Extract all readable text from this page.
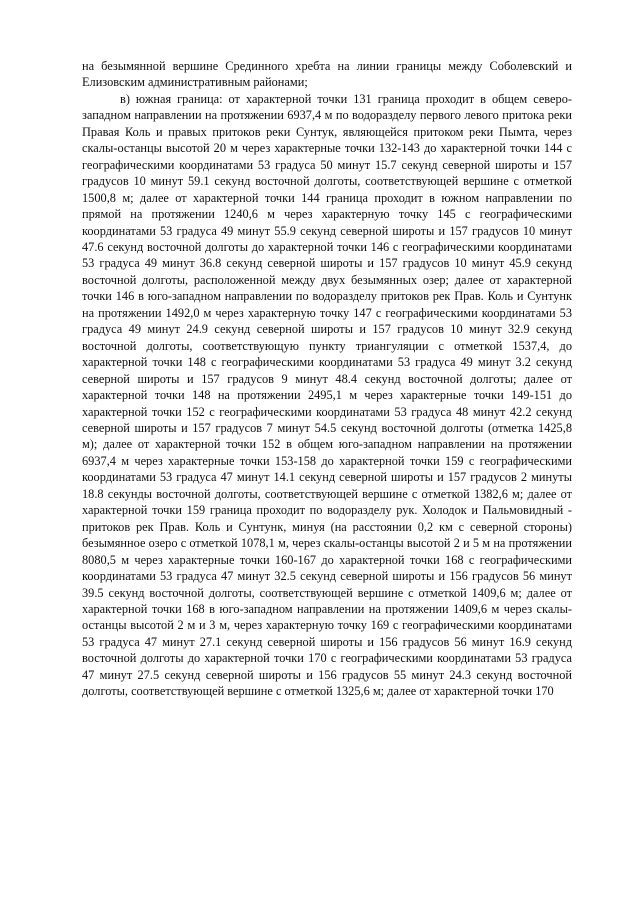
на безымянной вершине Срединного хребта на линии границы между Соболевский и Елизовским административным районами;

в) южная граница: от характерной точки 131 граница проходит в общем северо-западном направлении на протяжении 6937,4 м по водоразделу первого левого притока реки Правая Коль и правых притоков реки Сунтук, являющейся притоком реки Пымта, через скалы-останцы высотой 20 м через характерные точки 132-143 до характерной точки 144 с географическими координатами 53 градуса 50 минут 15.7 секунд северной широты и 157 градусов 10 минут 59.1 секунд восточной долготы, соответствующей вершине с отметкой 1500,8 м; далее от характерной точки 144 граница проходит в южном направлении по прямой на протяжении 1240,6 м через характерную точку 145 с географическими координатами 53 градуса 49 минут 55.9 секунд северной широты и 157 градусов 10 минут 47.6 секунд восточной долготы до характерной точки 146 с географическими координатами 53 градуса 49 минут 36.8 секунд северной широты и 157 градусов 10 минут 45.9 секунд восточной долготы, расположенной между двух безымянных озер; далее от характерной точки 146 в юго-западном направлении по водоразделу притоков рек Прав. Коль и Сунтунк на протяжении 1492,0 м через характерную точку 147 с географическими координатами 53 градуса 49 минут 24.9 секунд северной широты и 157 градусов 10 минут 32.9 секунд восточной долготы, соответствующую пункту триангуляции с отметкой 1537,4, до характерной точки 148 с географическими координатами 53 градуса 49 минут 3.2 секунд северной широты и 157 градусов 9 минут 48.4 секунд восточной долготы; далее от характерной точки 148 на протяжении 2495,1 м через характерные точки 149-151 до характерной точки 152 с географическими координатами 53 градуса 48 минут 42.2 секунд северной широты и 157 градусов 7 минут 54.5 секунд восточной долготы (отметка 1425,8 м); далее от характерной точки 152 в общем юго-западном направлении на протяжении 6937,4 м через характерные точки 153-158 до характерной точки 159 с географическими координатами 53 градуса 47 минут 14.1 секунд северной широты и 157 градусов 2 минуты 18.8 секунды восточной долготы, соответствующей вершине с отметкой 1382,6 м; далее от характерной точки 159 граница проходит по водоразделу рук. Холодок и Пальмовидный - притоков рек Прав. Коль и Сунтунк, минуя (на расстоянии 0,2 км с северной стороны) безымянное озеро с отметкой 1078,1 м, через скалы-останцы высотой 2 и 5 м на протяжении 8080,5 м через характерные точки 160-167 до характерной точки 168 с географическими координатами 53 градуса 47 минут 32.5 секунд северной широты и 156 градусов 56 минут 39.5 секунд восточной долготы, соответствующей вершине с отметкой 1409,6 м; далее от характерной точки 168 в юго-западном направлении на протяжении 1409,6 м через скалы-останцы высотой 2 м и 3 м, через характерную точку 169 с географическими координатами 53 градуса 47 минут 27.1 секунд северной широты и 156 градусов 56 минут 16.9 секунд восточной долготы до характерной точки 170 с географическими координатами 53 градуса 47 минут 27.5 секунд северной широты и 156 градусов 55 минут 24.3 секунд восточной долготы, соответствующей вершине с отметкой 1325,6 м; далее от характерной точки 170
